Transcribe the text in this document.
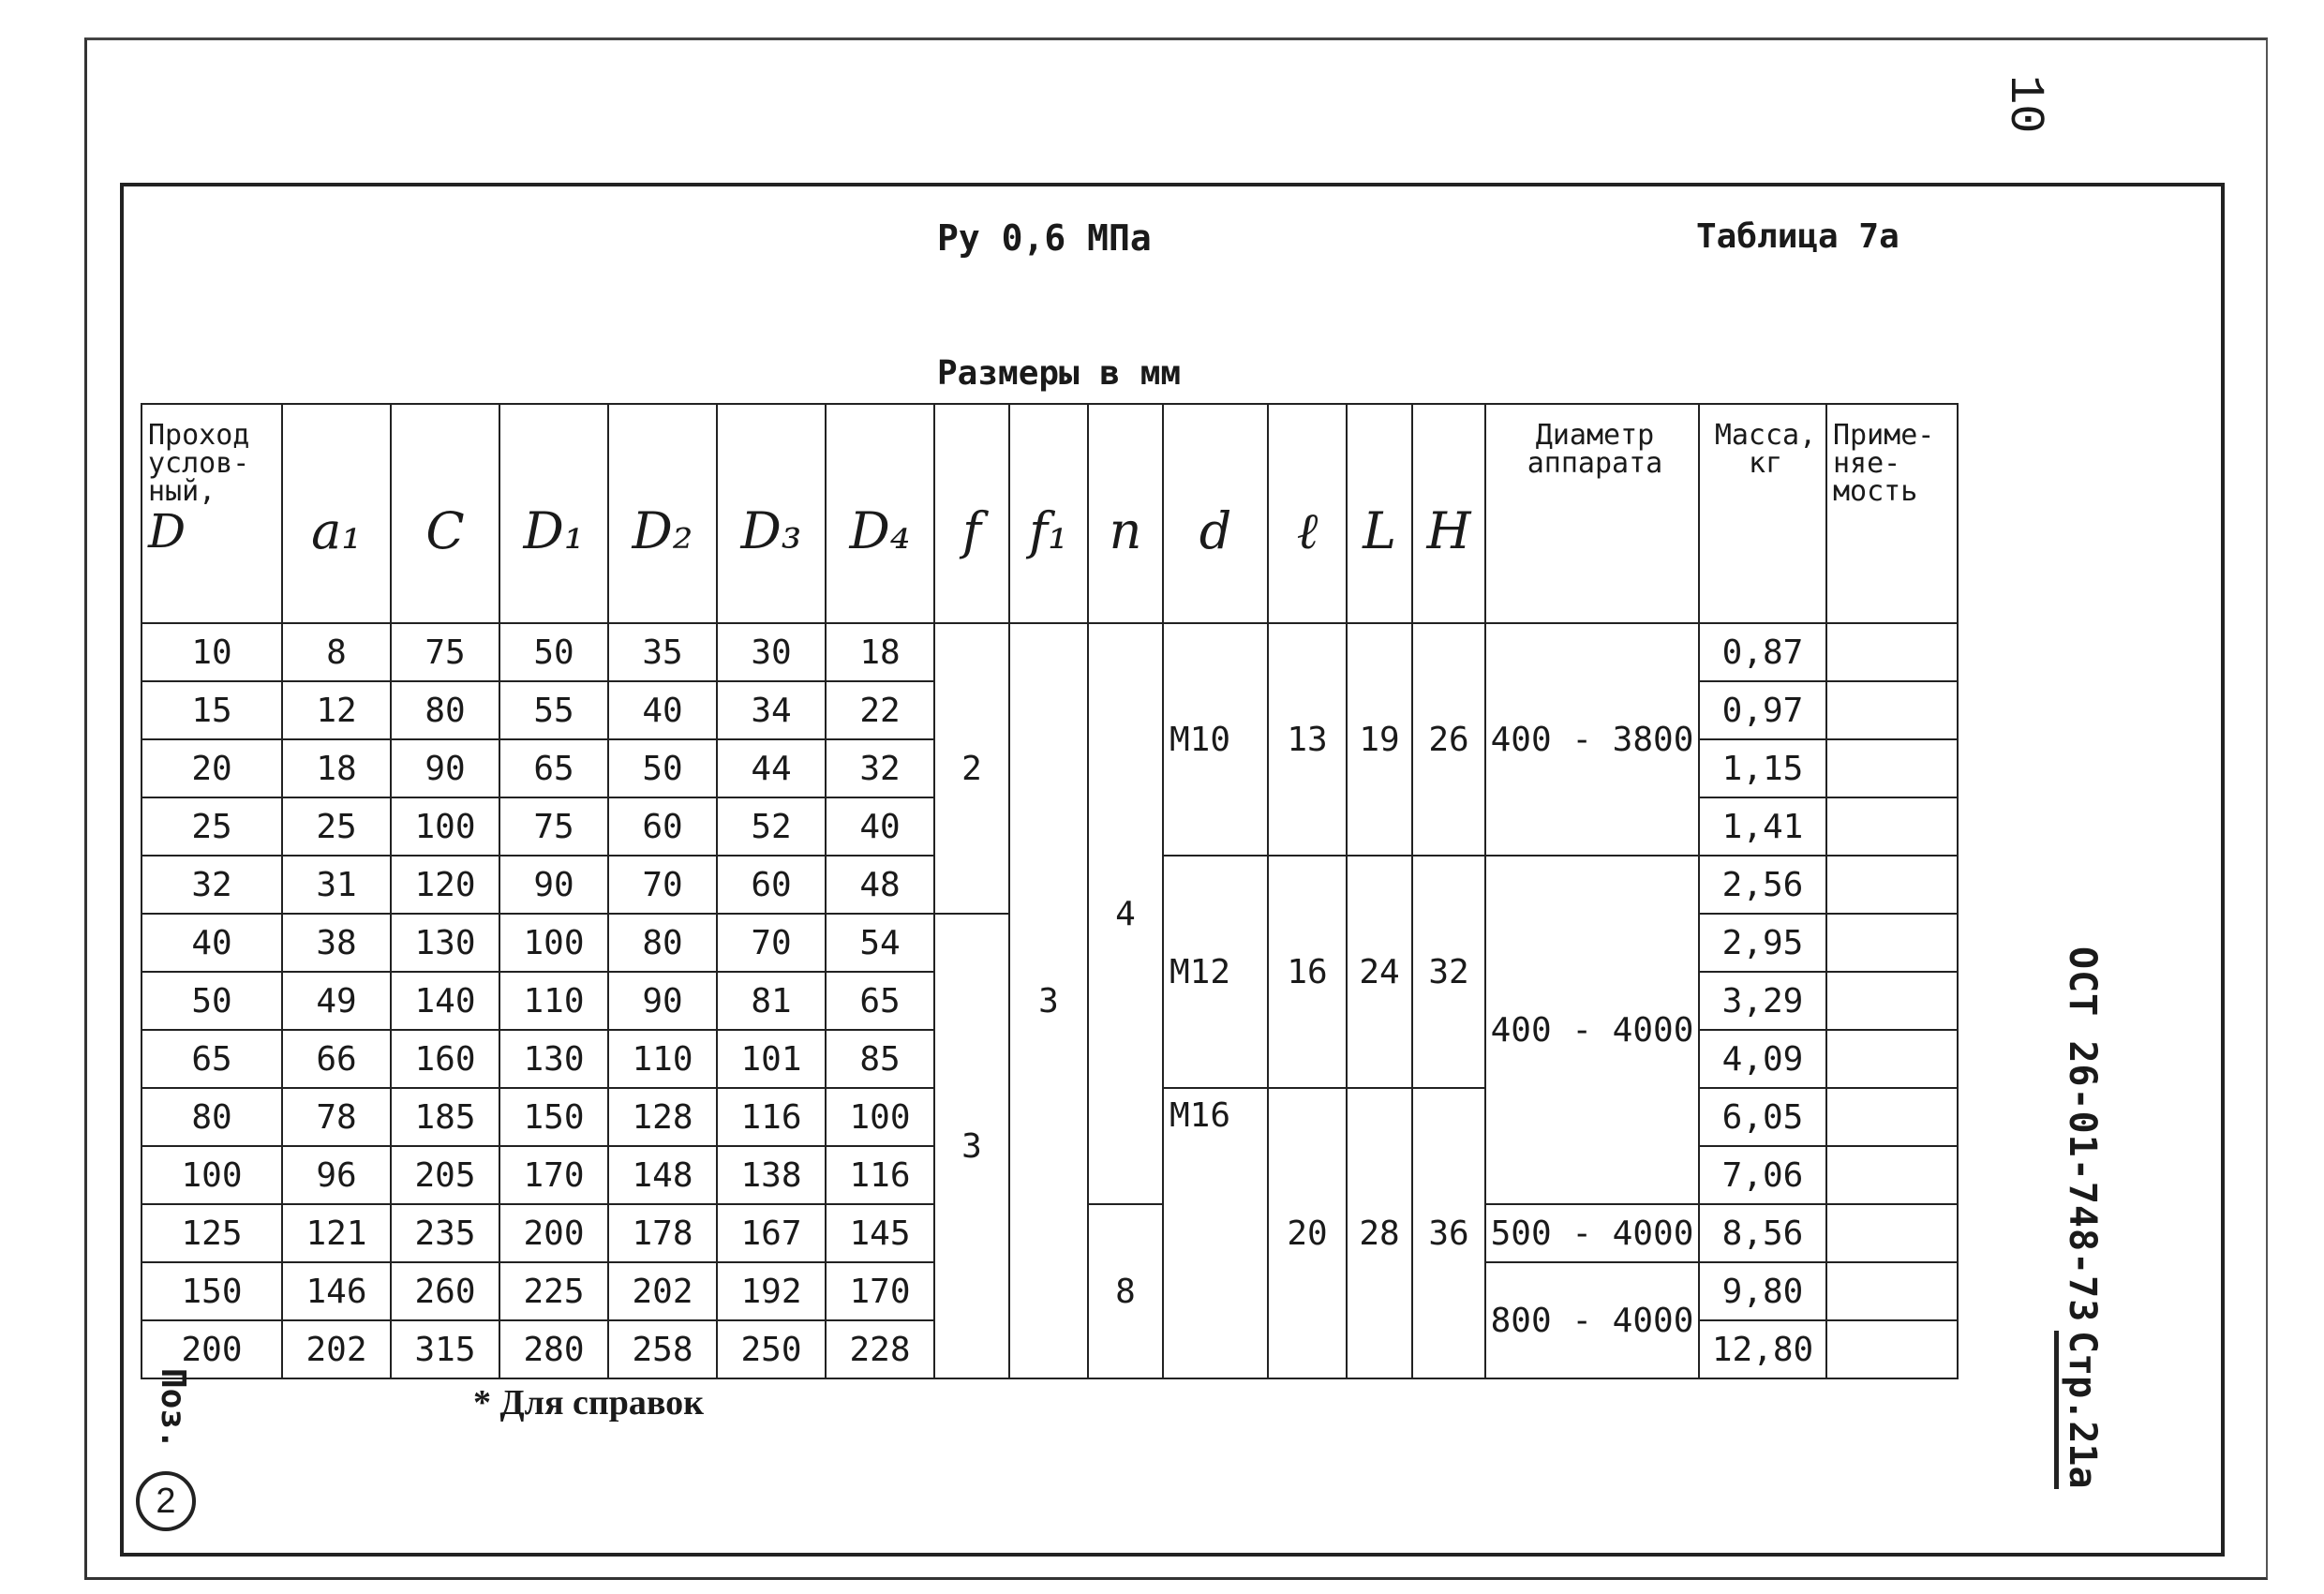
10
Ру 0,6 МПа	Таблица 7а
Размеры в мм
Проход
услов-
ный,
D	a₁	C	D₁	D₂	D₃	D₄	f	f₁	n	d	ℓ	L	H	Диаметр аппарата	Масса, кг	Приме-няе-мость
10	8	75	50	35	30	18	2	3	4	M10	13	19	26	400 - 3800	0,87	
15	12	80	55	40	34	22									0,97	
20	18	90	65	50	44	32									1,15	
25	25	100	75	60	52	40									1,41	
32	31	120	90	70	60	48				M12	16	24	32	400 - 4000	2,56	
40	38	130	100	80	70	54	3								2,95	
50	49	140	110	90	81	65									3,29	
65	66	160	130	110	101	85									4,09	
80	78	185	150	128	116	100				M16	20	28	36		6,05	
100	96	205	170	148	138	116									7,06	
125	121	235	200	178	167	145			8					500 - 4000	8,56	
150	146	260	225	202	192	170								800 - 4000	9,80	
200	202	315	280	258	250	228									12,80	
* Для справок
Поз.
2
ОСТ 26-01-748-73
Стр.21а
